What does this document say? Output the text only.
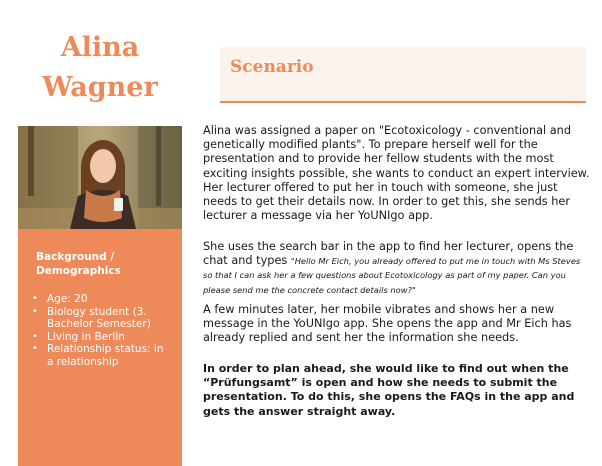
Alina
Wagner
Background / Demographics
• Age: 20
• Biology student (3. Bachelor Semester)
• Living in Berlin
• Relationship status: in a relationship
Scenario

Alina was assigned a paper on "Ecotoxicology - conventional and genetically modified plants". To prepare herself well for the presentation and to provide her fellow students with the most exciting insights possible, she wants to conduct an expert interview. Her lecturer offered to put her in touch with someone, she just needs to get their details now. In order to get this, she sends her lecturer a message via her YoUNIgo app.

She uses the search bar in the app to find her lecturer, opens the chat and types "Hello Mr Eich, you already offered to put me in touch with Ms Steves so that I can ask her a few questions about Ecotoxicology as part of my paper. Can you please send me the concrete contact details now?"

A few minutes later, her mobile vibrates and shows her a new message in the YoUNIgo app. She opens the app and Mr Eich has already replied and sent her the information she needs.

In order to plan ahead, she would like to find out when the “Prüfungsamt” is open and how she needs to submit the presentation. To do this, she opens the FAQs in the app and gets the answer straight away.
